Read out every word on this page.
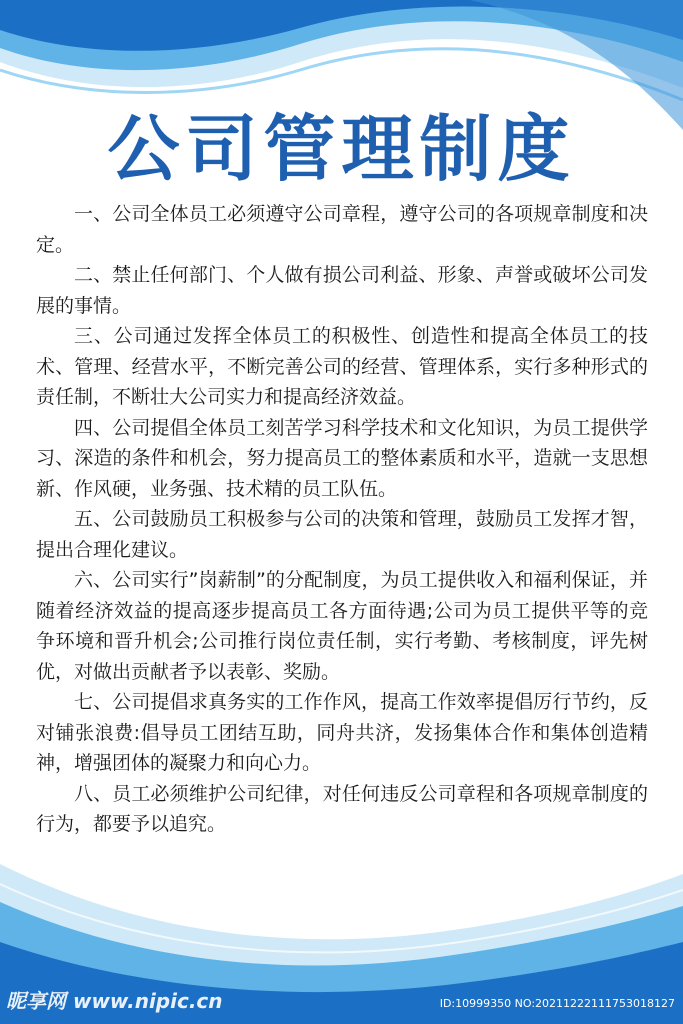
公司管理制度

一、公司全体员工必须遵守公司章程，遵守公司的各项规章制度和决定。

二、禁止任何部门、个人做有损公司利益、形象、声誉或破坏公司发展的事情。

三、公司通过发挥全体员工的积极性、创造性和提高全体员工的技术、管理、经营水平，不断完善公司的经营、管理体系，实行多种形式的责任制，不断壮大公司实力和提高经济效益。

四、公司提倡全体员工刻苦学习科学技术和文化知识，为员工提供学习、深造的条件和机会，努力提高员工的整体素质和水平，造就一支思想新、作风硬，业务强、技术精的员工队伍。

五、公司鼓励员工积极参与公司的决策和管理，鼓励员工发挥才智，提出合理化建议。

六、公司实行”岗薪制”的分配制度，为员工提供收入和福利保证，并随着经济效益的提高逐步提高员工各方面待遇;公司为员工提供平等的竞争环境和晋升机会;公司推行岗位责任制，实行考勤、考核制度，评先树优，对做出贡献者予以表彰、奖励。

七、公司提倡求真务实的工作作风，提高工作效率提倡厉行节约，反对铺张浪费:倡导员工团结互助，同舟共济，发扬集体合作和集体创造精神，增强团体的凝聚力和向心力。

八、员工必须维护公司纪律，对任何违反公司章程和各项规章制度的行为，都要予以追究。

昵享网 www.nipic.cn	ID:10999350 NO:20211222111753018127
